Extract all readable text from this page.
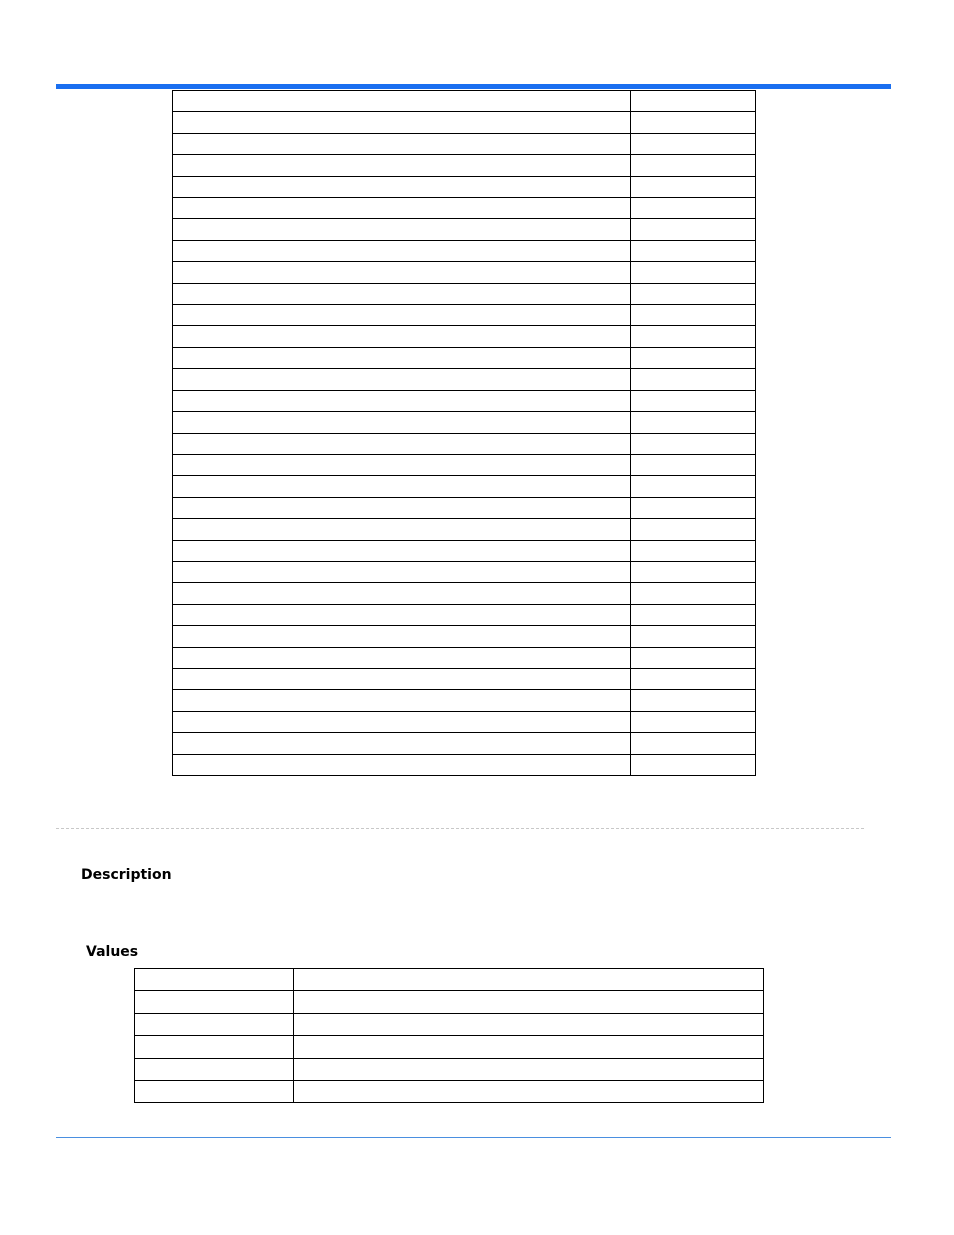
Description
Values
